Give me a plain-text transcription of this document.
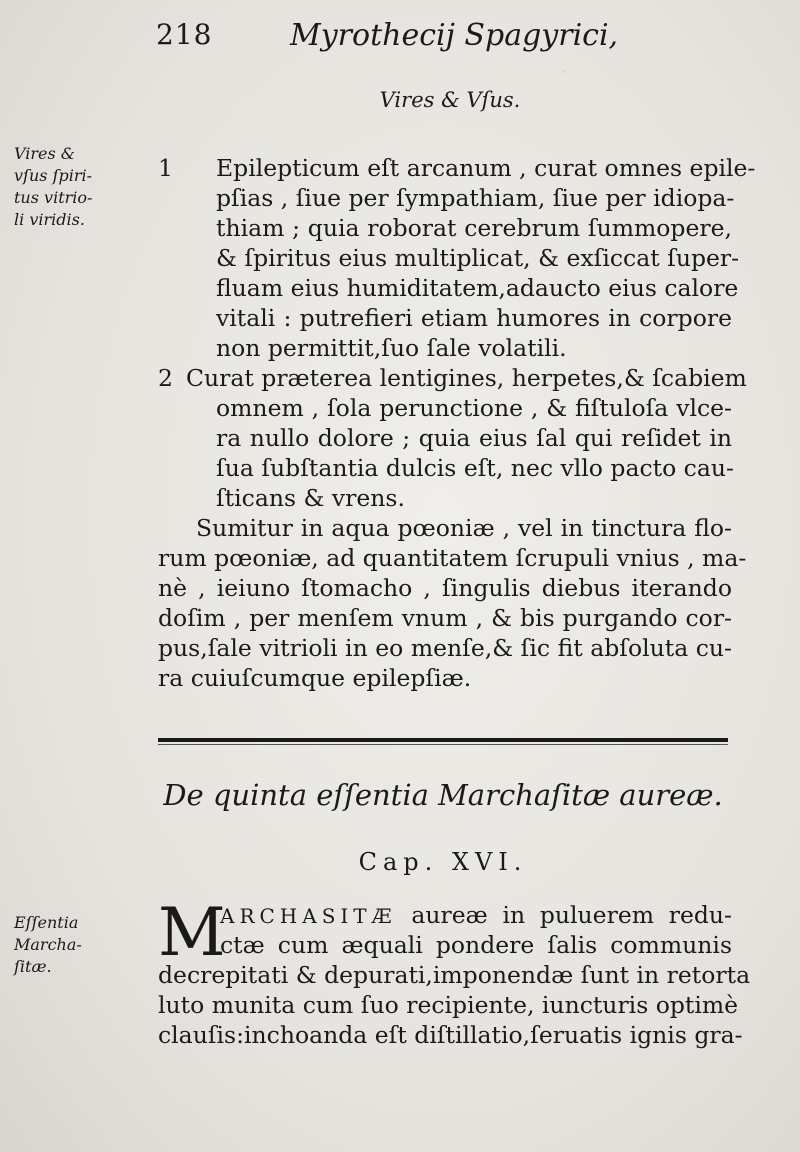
·
218	Myrothecij Spagyrici,
Vires & Vſus.
Vires &
vſus ſpiri-
tus vitrio-
li viridis.
1 Epilepticum eſt arcanum , curat omnes epile-
pſias , ſiue per ſympathiam, ſiue per idiopa-
thiam ; quia roborat cerebrum ſummopere,
& ſpiritus eius multiplicat, & exſiccat ſuper-
fluam eius humiditatem,adaucto eius calore
vitali : putrefieri etiam humores in corpore
non permittit,ſuo ſale volatili.
2 Curat præterea lentigines, herpetes,& ſcabiem
omnem , ſola perunctione , & fiſtuloſa vlce-
ra nullo dolore ; quia eius ſal qui reſidet in
ſua ſubſtantia dulcis eſt, nec vllo pacto cau-
ſticans & vrens.
Sumitur in aqua pœoniæ , vel in tinctura flo-
rum pœoniæ, ad quantitatem ſcrupuli vnius , ma-
nè , ieiuno ſtomacho , ſingulis diebus iterando
doſim , per menſem vnum , & bis purgando cor-
pus,ſale vitrioli in eo menſe,& ſic fit abſoluta cu-
ra cuiuſcumque epilepſiæ.
De quinta eſſentia Marchaſitæ aureæ.
Cap. XVI.
Eſſentia
Marcha-
ſitæ.	M
ARCHASITÆ aureæ in puluerem redu-
ctæ cum æquali pondere ſalis communis
decrepitati & depurati,imponendæ ſunt in retorta
luto munita cum ſuo recipiente, iuncturis optimè
clauſis:inchoanda eſt diſtillatio,ſeruatis ignis gra-
